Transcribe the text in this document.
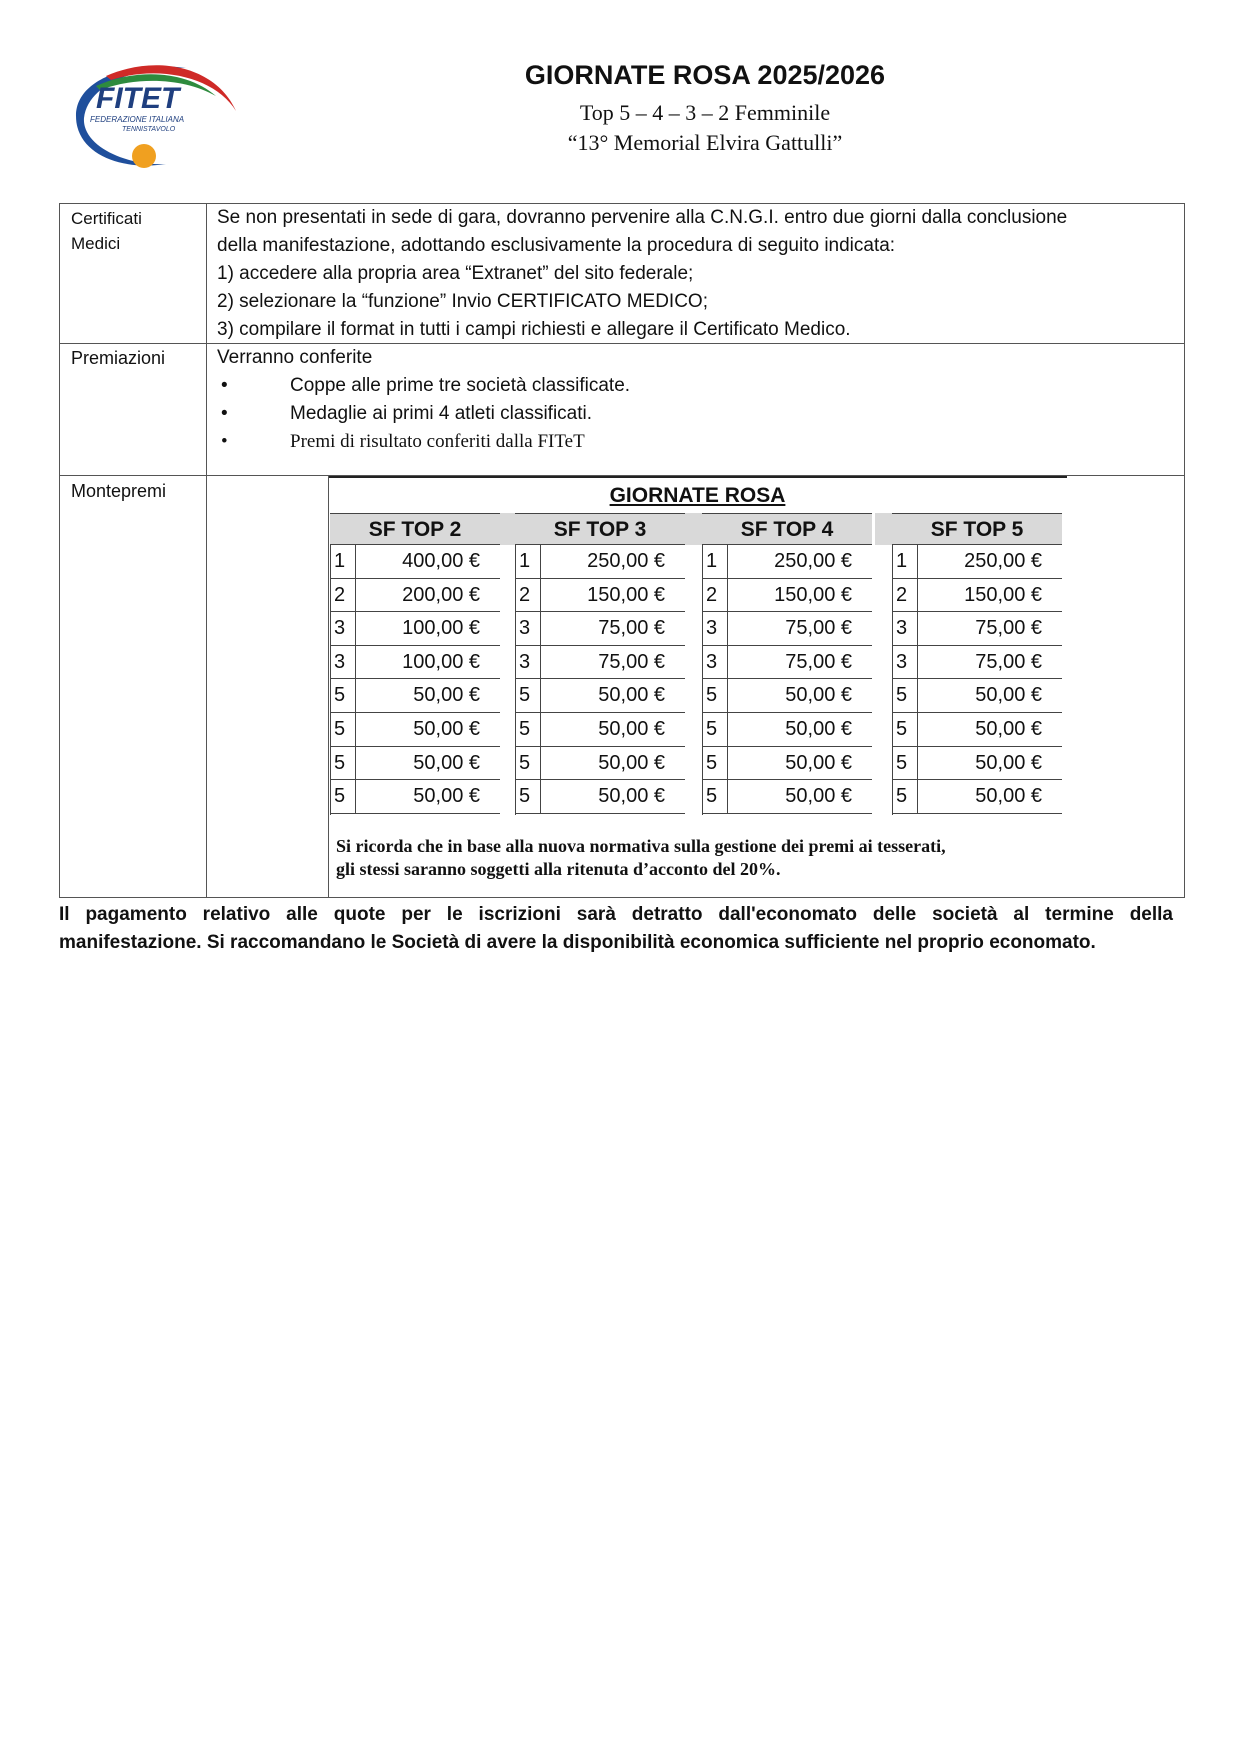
FITET
FEDERAZIONE ITALIANA
TENNISTAVOLO
GIORNATE ROSA 2025/2026
Top 5 – 4 – 3 – 2 Femminile
“13° Memorial Elvira Gattulli”
Certificati
Medici

Se non presentati in sede di gara, dovranno pervenire alla C.N.G.I. entro due giorni dalla conclusione

della manifestazione, adottando esclusivamente la procedura di seguito indicata:

1) accedere alla propria area “Extranet” del sito federale;

2) selezionare la “funzione” Invio CERTIFICATO MEDICO;

3) compilare il format in tutti i campi richiesti e allegare il Certificato Medico.

Premiazioni	Verranno conferite

•	Coppe alle prime tre società classificate.

•	Medaglie ai primi 4 atleti classificati.

•	Premi di risultato conferiti dalla FITeT

Montepremi	GIORNATE ROSA
SF TOP 2
1	400,00 €
2	200,00 €
3	100,00 €
3	100,00 €
5	50,00 €
5	50,00 €
5	50,00 €
5	50,00 €
SF TOP 3
1	250,00 €
2	150,00 €
3	75,00 €
3	75,00 €
5	50,00 €
5	50,00 €
5	50,00 €
5	50,00 €
SF TOP 4
1	250,00 €
2	150,00 €
3	75,00 €
3	75,00 €
5	50,00 €
5	50,00 €
5	50,00 €
5	50,00 €
SF TOP 5
1	250,00 €
2	150,00 €
3	75,00 €
3	75,00 €
5	50,00 €
5	50,00 €
5	50,00 €
5	50,00 €

Si ricorda che in base alla nuova normativa sulla gestione dei premi ai tesserati,

gli stessi saranno soggetti alla ritenuta d’acconto del 20%.

Il pagamento relativo alle quote per le iscrizioni sarà detratto dall'economato delle società al termine della
manifestazione. Si raccomandano le Società di avere la disponibilità economica sufficiente nel proprio economato.
